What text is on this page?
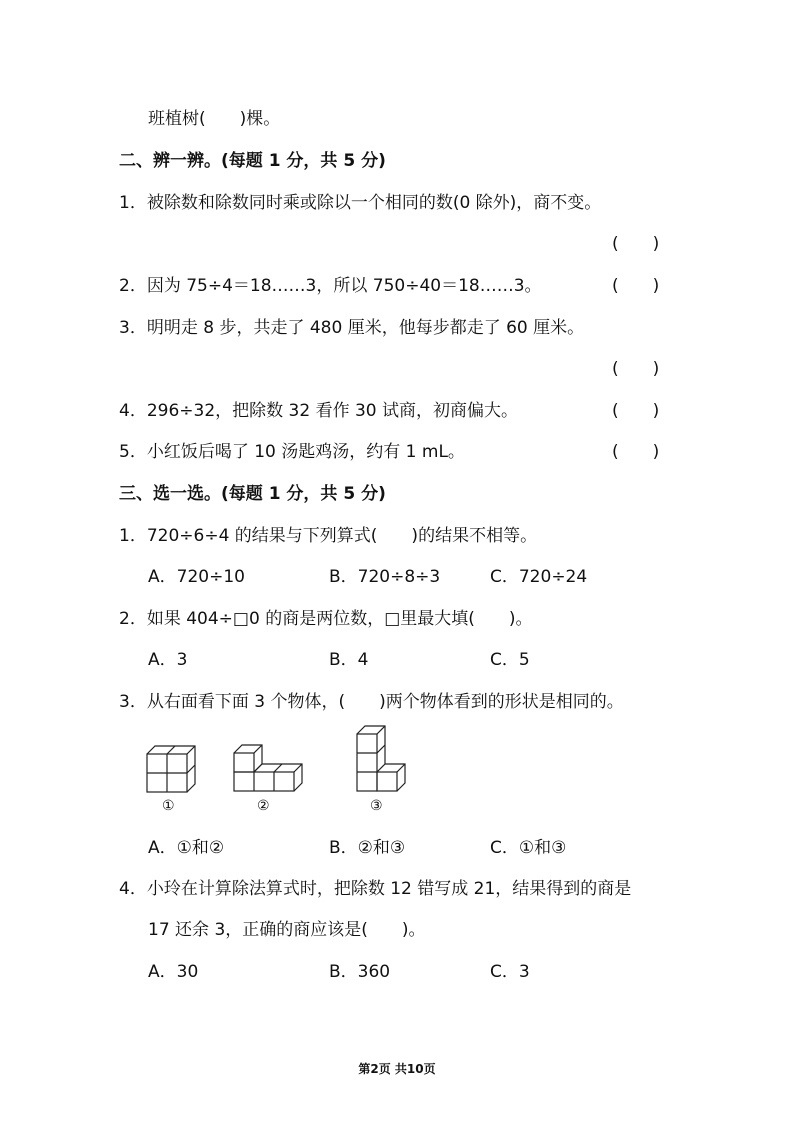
班植树(　　)棵。
二、辨一辨。(每题 1 分，共 5 分)
1．被除数和除数同时乘或除以一个相同的数(0 除外)，商不变。
(　　)
2．因为 75÷4＝18……3，所以 750÷40＝18……3。	(　　)
3．明明走 8 步，共走了 480 厘米，他每步都走了 60 厘米。
(　　)
4．296÷32，把除数 32 看作 30 试商，初商偏大。	(　　)
5．小红饭后喝了 10 汤匙鸡汤，约有 1 mL。	(　　)
三、选一选。(每题 1 分，共 5 分)
1．720÷6÷4 的结果与下列算式(　　)的结果不相等。
A．720÷10	B．720÷8÷3	C．720÷24
2．如果 404÷□0 的商是两位数，□里最大填(　　)。
A．3	B．4	C．5
3．从右面看下面 3 个物体，(　　)两个物体看到的形状是相同的。
①	②	③
A．①和②	B．②和③	C．①和③
4．小玲在计算除法算式时，把除数 12 错写成 21，结果得到的商是
17 还余 3，正确的商应该是(　　)。
A．30	B．360	C．3
第2页 共10页
